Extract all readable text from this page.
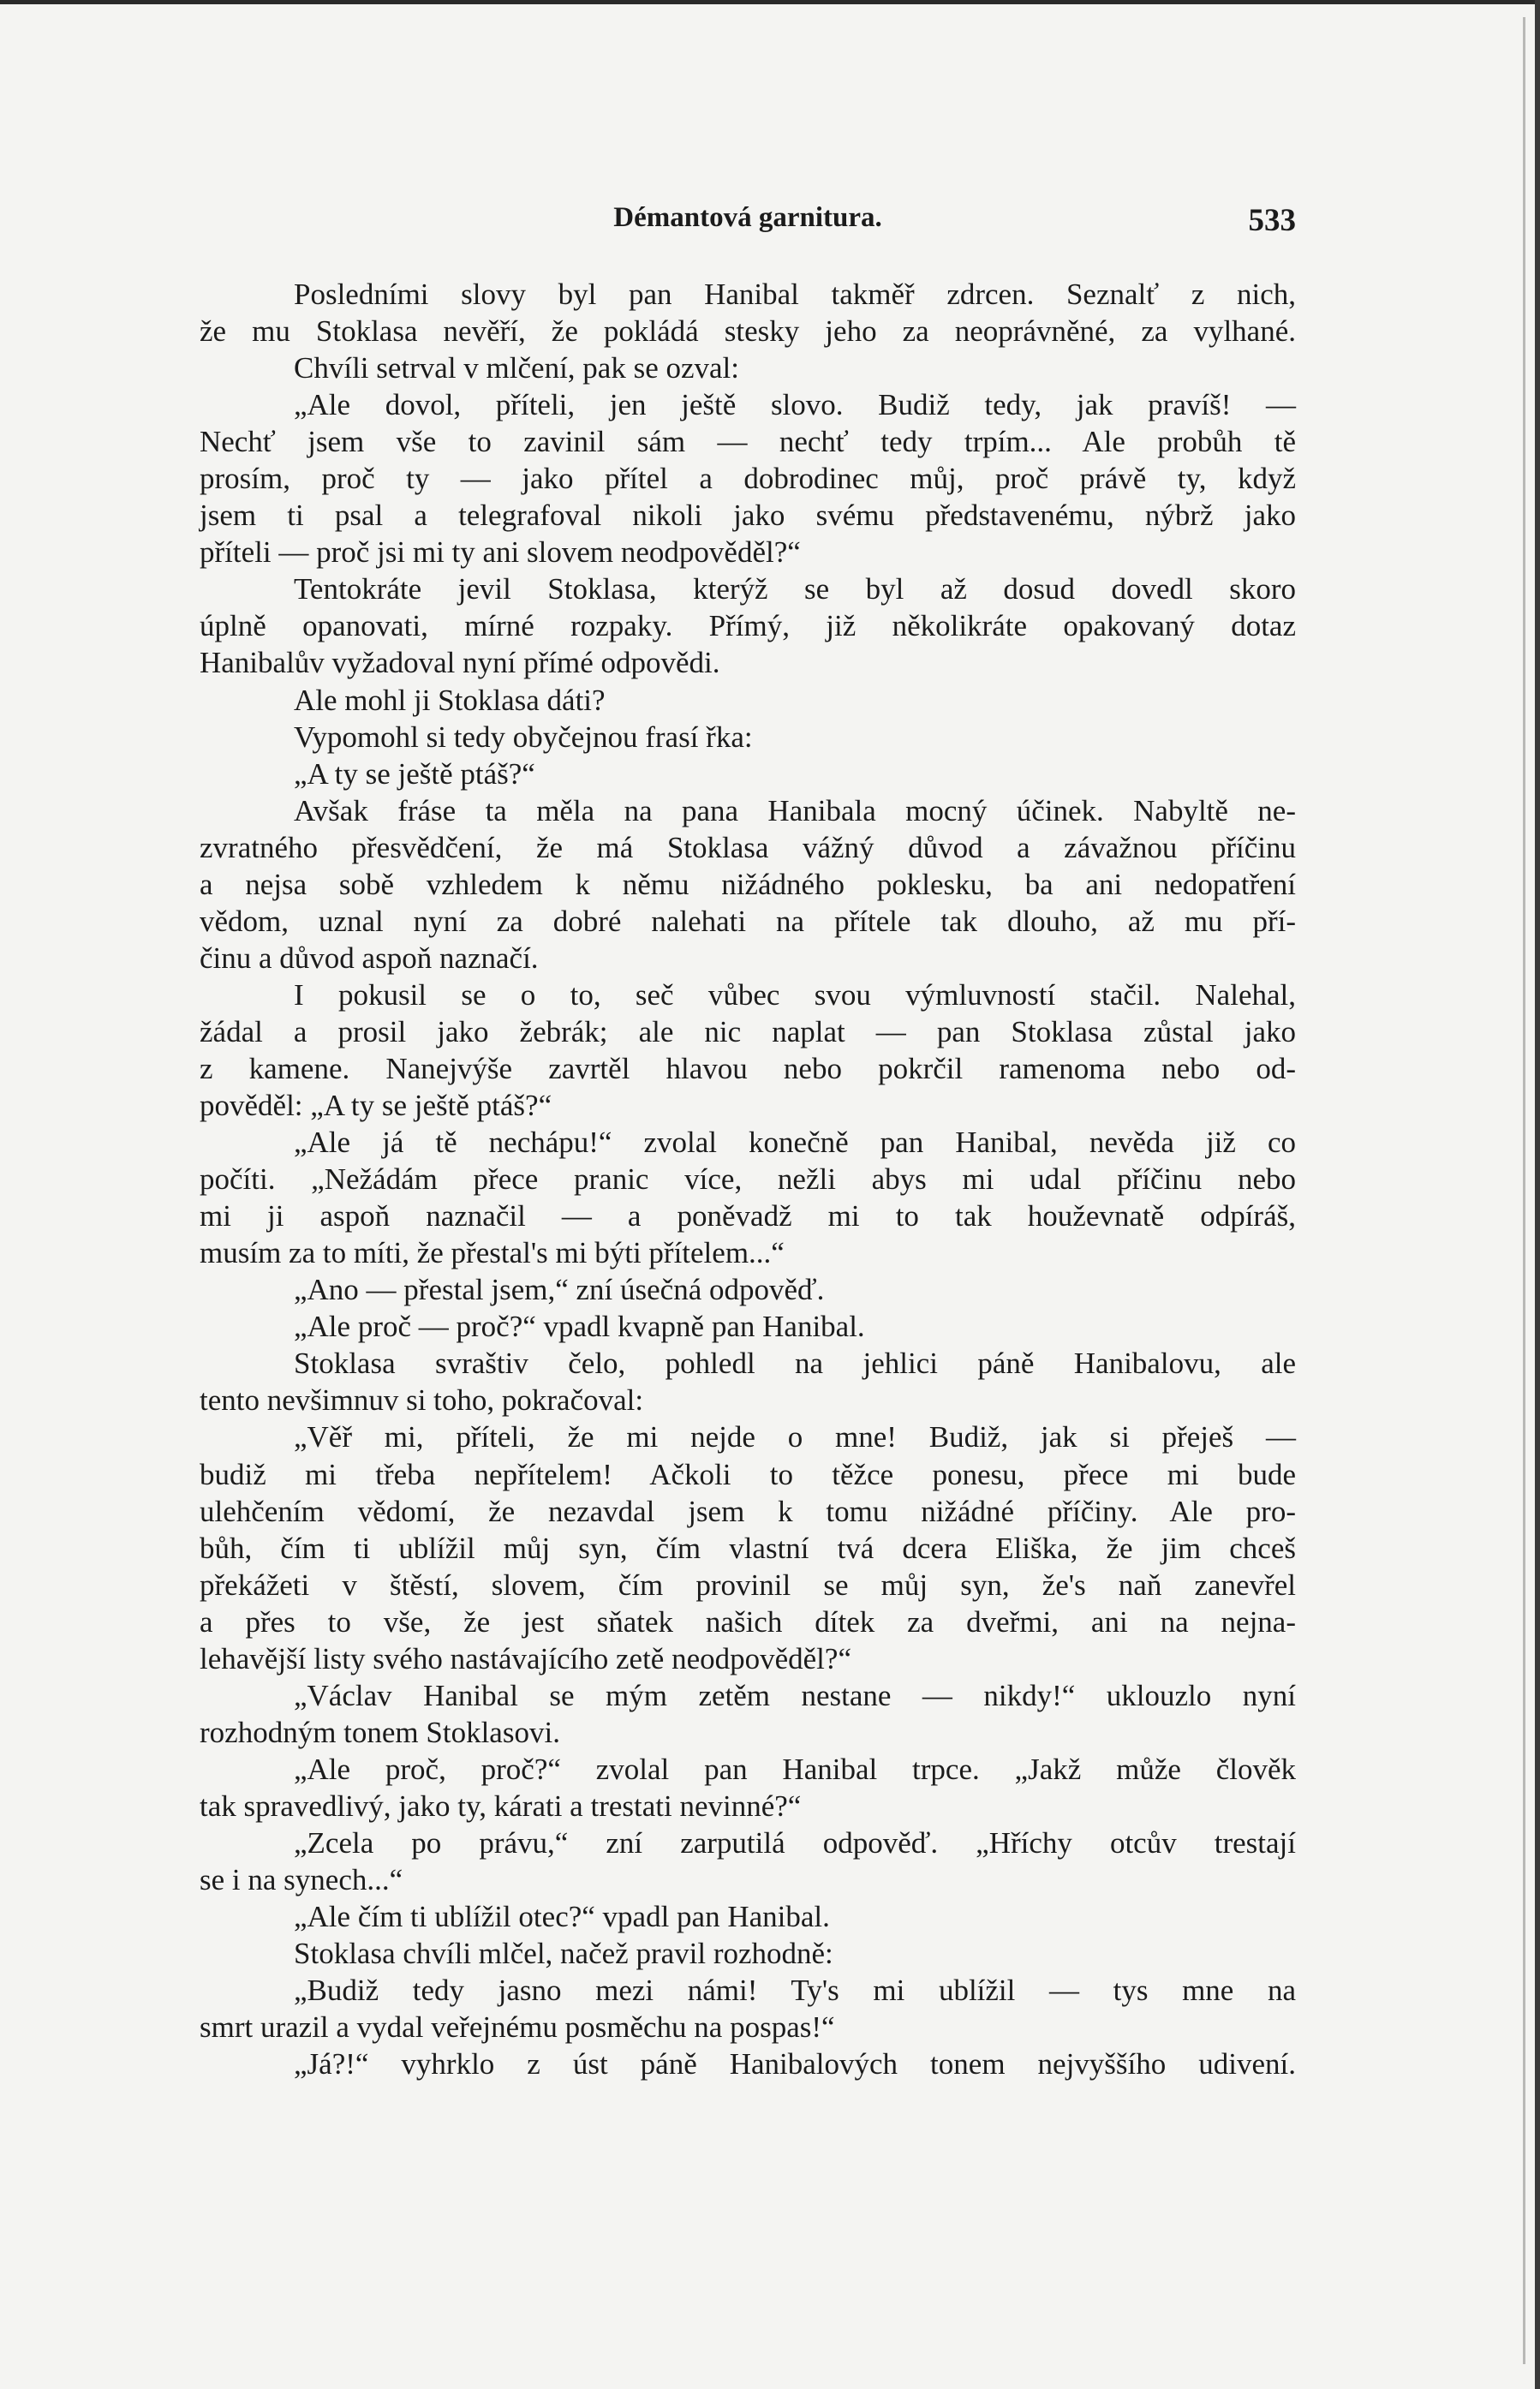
Démantová garnitura.	533
Posledními slovy byl pan Hanibal takměř zdrcen. Seznalť z nich,
že mu Stoklasa nevěří, že pokládá stesky jeho za neoprávněné, za vylhané.
Chvíli setrval v mlčení, pak se ozval:
„Ale dovol, příteli, jen ještě slovo. Budiž tedy, jak pravíš! —
Nechť jsem vše to zavinil sám — nechť tedy trpím... Ale probůh tě
prosím, proč ty — jako přítel a dobrodinec můj, proč právě ty, když
jsem ti psal a telegrafoval nikoli jako svému představenému, nýbrž jako
příteli — proč jsi mi ty ani slovem neodpověděl?“
Tentokráte jevil Stoklasa, kterýž se byl až dosud dovedl skoro
úplně opanovati, mírné rozpaky. Přímý, již několikráte opakovaný dotaz
Hanibalův vyžadoval nyní přímé odpovědi.
Ale mohl ji Stoklasa dáti?
Vypomohl si tedy obyčejnou frasí řka:
„A ty se ještě ptáš?“
Avšak fráse ta měla na pana Hanibala mocný účinek. Nabyltě ne-
zvratného přesvědčení, že má Stoklasa vážný důvod a závažnou příčinu
a nejsa sobě vzhledem k němu nižádného poklesku, ba ani nedopatření
vědom, uznal nyní za dobré nalehati na přítele tak dlouho, až mu pří-
činu a důvod aspoň naznačí.
I pokusil se o to, seč vůbec svou výmluvností stačil. Nalehal,
žádal a prosil jako žebrák; ale nic naplat — pan Stoklasa zůstal jako
z kamene. Nanejvýše zavrtěl hlavou nebo pokrčil ramenoma nebo od-
pověděl: „A ty se ještě ptáš?“
„Ale já tě nechápu!“ zvolal konečně pan Hanibal, nevěda již co
počíti. „Nežádám přece pranic více, nežli abys mi udal příčinu nebo
mi ji aspoň naznačil — a poněvadž mi to tak houževnatě odpíráš,
musím za to míti, že přestal's mi býti přítelem...“
„Ano — přestal jsem,“ zní úsečná odpověď.
„Ale proč — proč?“ vpadl kvapně pan Hanibal.
Stoklasa svraštiv čelo, pohledl na jehlici páně Hanibalovu, ale
tento nevšimnuv si toho, pokračoval:
„Věř mi, příteli, že mi nejde o mne! Budiž, jak si přeješ —
budiž mi třeba nepřítelem! Ačkoli to těžce ponesu, přece mi bude
ulehčením vědomí, že nezavdal jsem k tomu nižádné příčiny. Ale pro-
bůh, čím ti ublížil můj syn, čím vlastní tvá dcera Eliška, že jim chceš
překážeti v štěstí, slovem, čím provinil se můj syn, že's naň zanevřel
a přes to vše, že jest sňatek našich dítek za dveřmi, ani na nejna-
lehavější listy svého nastávajícího zetě neodpověděl?“
„Václav Hanibal se mým zetěm nestane — nikdy!“ uklouzlo nyní
rozhodným tonem Stoklasovi.
„Ale proč, proč?“ zvolal pan Hanibal trpce. „Jakž může člověk
tak spravedlivý, jako ty, kárati a trestati nevinné?“
„Zcela po právu,“ zní zarputilá odpověď. „Hříchy otcův trestají
se i na synech...“
„Ale čím ti ublížil otec?“ vpadl pan Hanibal.
Stoklasa chvíli mlčel, načež pravil rozhodně:
„Budiž tedy jasno mezi námi! Ty's mi ublížil — tys mne na
smrt urazil a vydal veřejnému posměchu na pospas!“
„Já?!“ vyhrklo z úst páně Hanibalových tonem nejvyššího udivení.
